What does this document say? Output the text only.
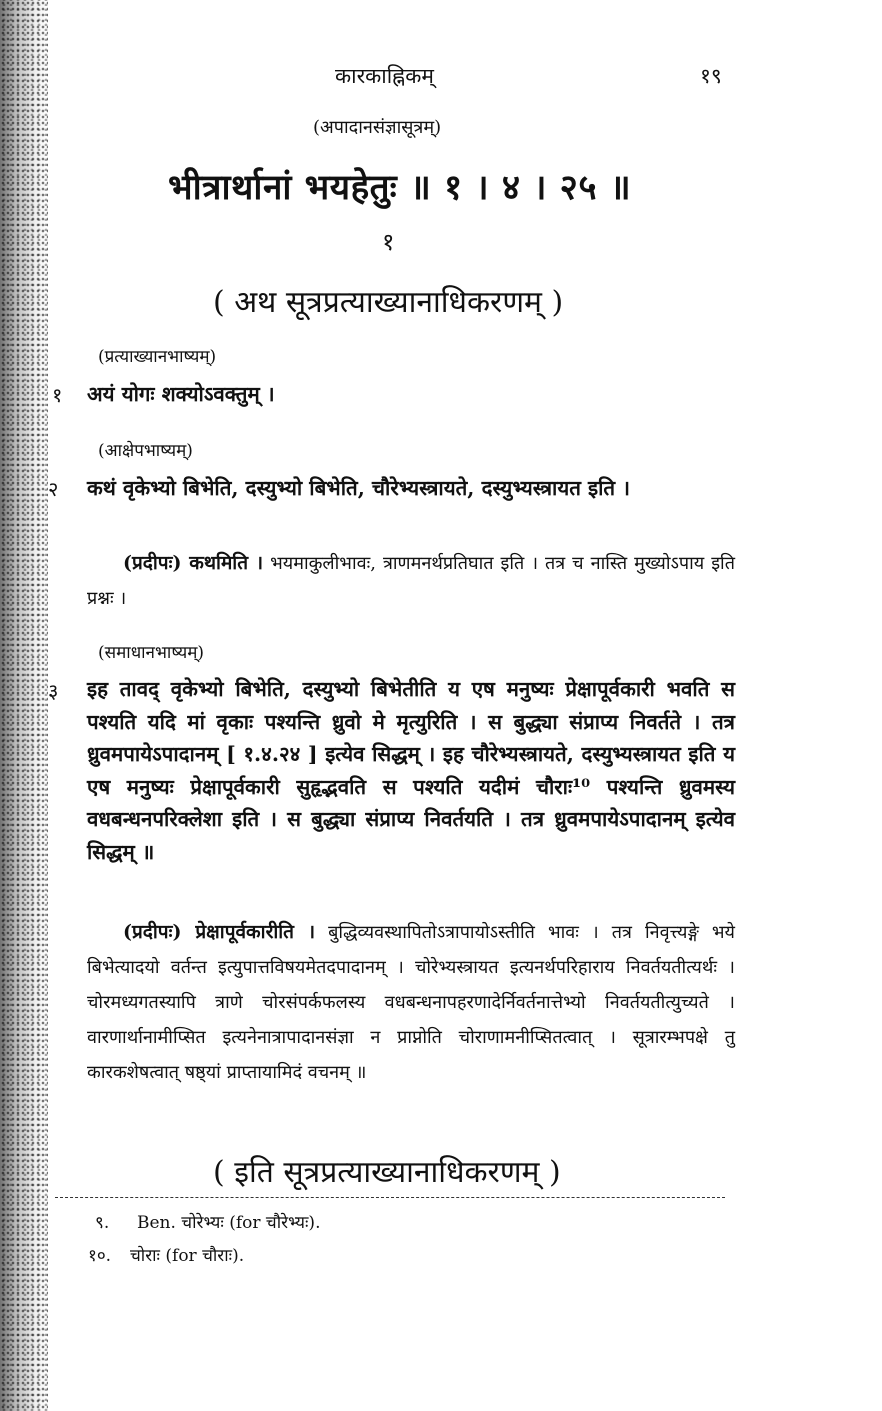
कारकाह्निकम्	१९
(अपादानसंज्ञासूत्रम्)
भीत्रार्थानां भयहेतुः ॥ १ । ४ । २५ ॥
१
( अथ सूत्रप्रत्याख्यानाधिकरणम् )
(प्रत्याख्यानभाष्यम्)
१ अयं योगः शक्योऽवक्तुम् ।
(आक्षेपभाष्यम्)
२ कथं वृकेभ्यो बिभेति, दस्युभ्यो बिभेति, चौरेभ्यस्त्रायते, दस्युभ्यस्त्रायत इति ।
(प्रदीपः) कथमिति । भयमाकुलीभावः, त्राणमनर्थप्रतिघात इति । तत्र च नास्ति मुख्योऽपाय इति प्रश्नः ।
(समाधानभाष्यम्)
३ इह तावद् वृकेभ्यो बिभेति, दस्युभ्यो बिभेतीति य एष मनुष्यः प्रेक्षापूर्वकारी भवति स पश्यति यदि मां वृकाः पश्यन्ति ध्रुवो मे मृत्युरिति । स बुद्ध्या संप्राप्य निवर्तते । तत्र ध्रुवमपायेऽपादानम् [ १.४.२४ ] इत्येव सिद्धम् । इह चौरेभ्यस्त्रायते, दस्युभ्यस्त्रायत इति य एष मनुष्यः प्रेक्षापूर्वकारी सुहृद्भवति स पश्यति यदीमं चौराः¹⁰ पश्यन्ति ध्रुवमस्य वधबन्धनपरिक्लेशा इति । स बुद्ध्या संप्राप्य निवर्तयति । तत्र ध्रुवमपायेऽपादानम् इत्येव सिद्धम् ॥
(प्रदीपः) प्रेक्षापूर्वकारीति । बुद्धिव्यवस्थापितोऽत्रापायोऽस्तीति भावः । तत्र निवृत्त्यङ्गे भये बिभेत्यादयो वर्तन्त इत्युपात्तविषयमेतदपादानम् । चोरेभ्यस्त्रायत इत्यनर्थपरिहाराय निवर्तयतीत्यर्थः । चोरमध्यगतस्यापि त्राणे चोरसंपर्कफलस्य वधबन्धनापहरणादेर्निवर्तनात्तेभ्यो निवर्तयतीत्युच्यते । वारणार्थानामीप्सित इत्यनेनात्रापादानसंज्ञा न प्राप्नोति चोराणामनीप्सितत्वात् । सूत्रारम्भपक्षे तु कारकशेषत्वात् षष्ठ्यां प्राप्तायामिदं वचनम् ॥
( इति सूत्रप्रत्याख्यानाधिकरणम् )
९. Ben. चोरेभ्यः (for चौरेभ्यः).
१०. चोराः (for चौराः).
